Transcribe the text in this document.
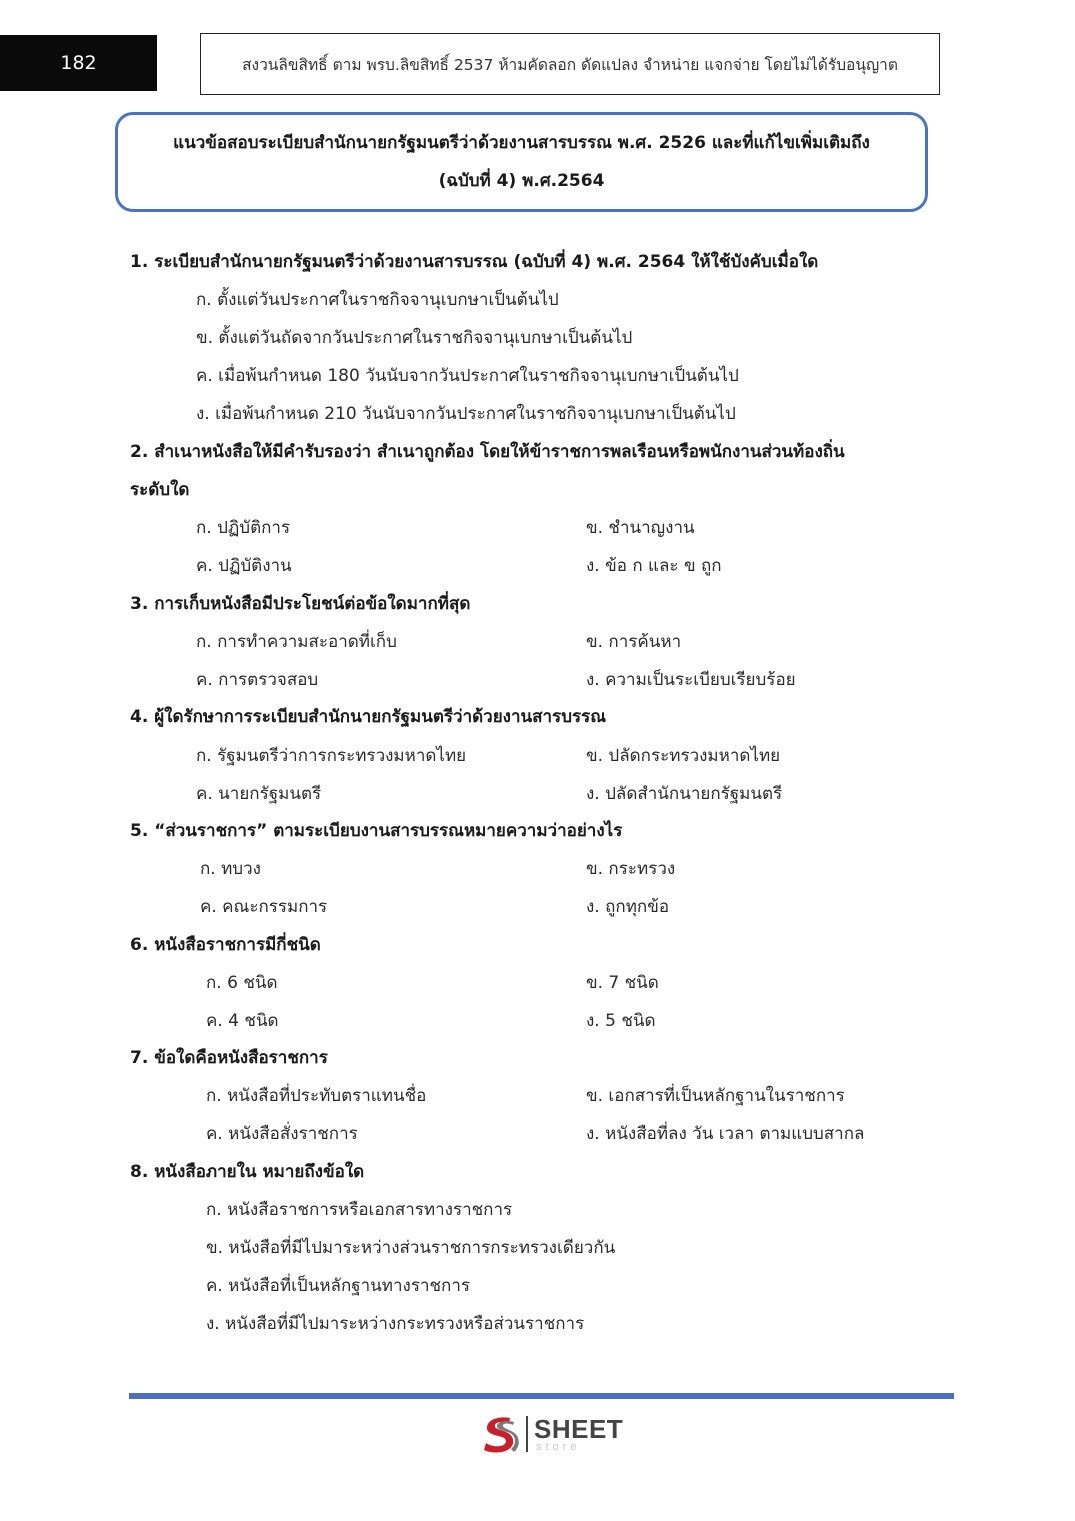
182	สงวนลิขสิทธิ์ ตาม พรบ.ลิขสิทธิ์ 2537 ห้ามคัดลอก ดัดแปลง จำหน่าย แจกจ่าย โดยไม่ได้รับอนุญาต
แนวข้อสอบระเบียบสำนักนายกรัฐมนตรีว่าด้วยงานสารบรรณ พ.ศ. 2526 และที่แก้ไขเพิ่มเติมถึง
(ฉบับที่ 4) พ.ศ.2564
1. ระเบียบสำนักนายกรัฐมนตรีว่าด้วยงานสารบรรณ (ฉบับที่ 4) พ.ศ. 2564 ให้ใช้บังคับเมื่อใด
ก. ตั้งแต่วันประกาศในราชกิจจานุเบกษาเป็นต้นไป
ข. ตั้งแต่วันถัดจากวันประกาศในราชกิจจานุเบกษาเป็นต้นไป
ค. เมื่อพ้นกำหนด 180 วันนับจากวันประกาศในราชกิจจานุเบกษาเป็นต้นไป
ง. เมื่อพ้นกำหนด 210 วันนับจากวันประกาศในราชกิจจานุเบกษาเป็นต้นไป
2. สำเนาหนังสือให้มีคำรับรองว่า สำเนาถูกต้อง โดยให้ข้าราชการพลเรือนหรือพนักงานส่วนท้องถิ่น
ระดับใด
ก. ปฏิบัติการ	ข. ชำนาญงาน
ค. ปฏิบัติงาน	ง. ข้อ ก และ ข ถูก
3. การเก็บหนังสือมีประโยชน์ต่อข้อใดมากที่สุด
ก. การทำความสะอาดที่เก็บ	ข. การค้นหา
ค. การตรวจสอบ	ง. ความเป็นระเบียบเรียบร้อย
4. ผู้ใดรักษาการระเบียบสำนักนายกรัฐมนตรีว่าด้วยงานสารบรรณ
ก. รัฐมนตรีว่าการกระทรวงมหาดไทย	ข. ปลัดกระทรวงมหาดไทย
ค. นายกรัฐมนตรี	ง. ปลัดสำนักนายกรัฐมนตรี
5. “ส่วนราชการ” ตามระเบียบงานสารบรรณหมายความว่าอย่างไร
ก. ทบวง	ข. กระทรวง
ค. คณะกรรมการ	ง. ถูกทุกข้อ
6. หนังสือราชการมีกี่ชนิด
ก. 6 ชนิด	ข. 7 ชนิด
ค. 4 ชนิด	ง. 5 ชนิด
7. ข้อใดคือหนังสือราชการ
ก. หนังสือที่ประทับตราแทนชื่อ	ข. เอกสารที่เป็นหลักฐานในราชการ
ค. หนังสือสั่งราชการ	ง. หนังสือที่ลง วัน เวลา ตามแบบสากล
8. หนังสือภายใน หมายถึงข้อใด
ก. หนังสือราชการหรือเอกสารทางราชการ
ข. หนังสือที่มีไปมาระหว่างส่วนราชการกระทรวงเดียวกัน
ค. หนังสือที่เป็นหลักฐานทางราชการ
ง. หนังสือที่มีไปมาระหว่างกระทรวงหรือส่วนราชการ
SHEET
store
